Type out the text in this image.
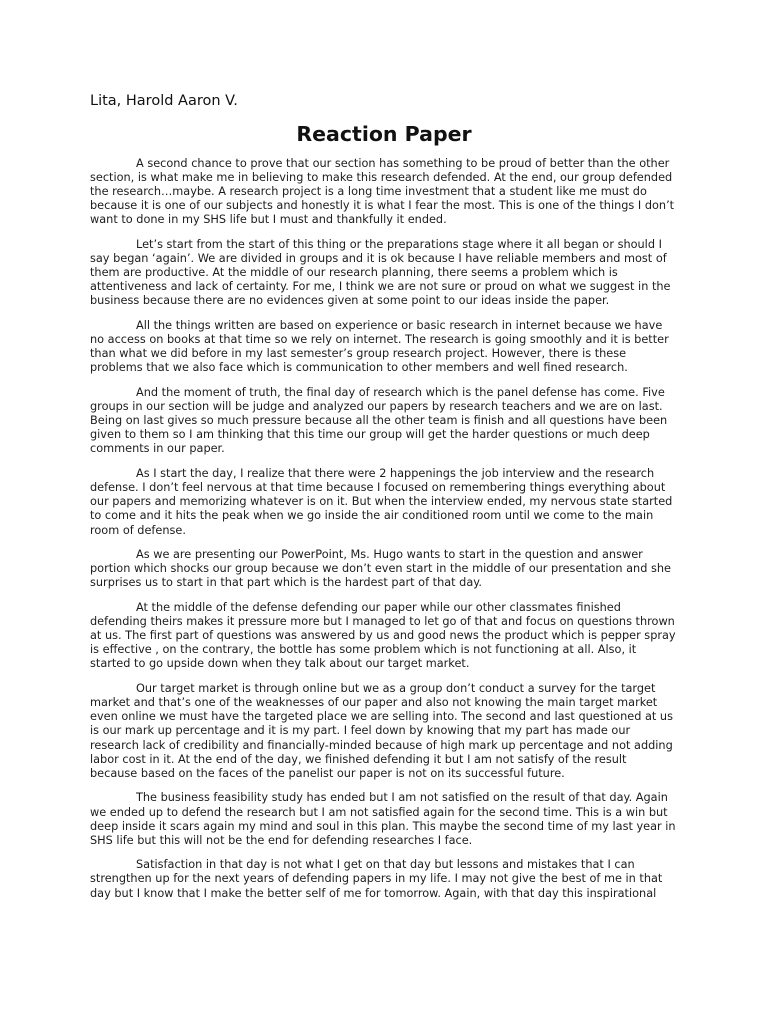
Lita, Harold Aaron V.
Reaction Paper
A second chance to prove that our section has something to be proud of better than the other
section, is what make me in believing to make this research defended. At the end, our group defended
the research…maybe. A research project is a long time investment that a student like me must do
because it is one of our subjects and honestly it is what I fear the most. This is one of the things I don’t
want to done in my SHS life but I must and thankfully it ended.
Let’s start from the start of this thing or the preparations stage where it all began or should I
say began ‘again’. We are divided in groups and it is ok because I have reliable members and most of
them are productive. At the middle of our research planning, there seems a problem which is
attentiveness and lack of certainty. For me, I think we are not sure or proud on what we suggest in the
business because there are no evidences given at some point to our ideas inside the paper.
All the things written are based on experience or basic research in internet because we have
no access on books at that time so we rely on internet. The research is going smoothly and it is better
than what we did before in my last semester’s group research project. However, there is these
problems that we also face which is communication to other members and well fined research.
And the moment of truth, the final day of research which is the panel defense has come. Five
groups in our section will be judge and analyzed our papers by research teachers and we are on last.
Being on last gives so much pressure because all the other team is finish and all questions have been
given to them so I am thinking that this time our group will get the harder questions or much deep
comments in our paper.
As I start the day, I realize that there were 2 happenings the job interview and the research
defense. I don’t feel nervous at that time because I focused on remembering things everything about
our papers and memorizing whatever is on it. But when the interview ended, my nervous state started
to come and it hits the peak when we go inside the air conditioned room until we come to the main
room of defense.
As we are presenting our PowerPoint, Ms. Hugo wants to start in the question and answer
portion which shocks our group because we don’t even start in the middle of our presentation and she
surprises us to start in that part which is the hardest part of that day.
At the middle of the defense defending our paper while our other classmates finished
defending theirs makes it pressure more but I managed to let go of that and focus on questions thrown
at us. The first part of questions was answered by us and good news the product which is pepper spray
is effective , on the contrary, the bottle has some problem which is not functioning at all. Also, it
started to go upside down when they talk about our target market.
Our target market is through online but we as a group don’t conduct a survey for the target
market and that’s one of the weaknesses of our paper and also not knowing the main target market
even online we must have the targeted place we are selling into. The second and last questioned at us
is our mark up percentage and it is my part. I feel down by knowing that my part has made our
research lack of credibility and financially-minded because of high mark up percentage and not adding
labor cost in it. At the end of the day, we finished defending it but I am not satisfy of the result
because based on the faces of the panelist our paper is not on its successful future.
The business feasibility study has ended but I am not satisfied on the result of that day. Again
we ended up to defend the research but I am not satisfied again for the second time. This is a win but
deep inside it scars again my mind and soul in this plan. This maybe the second time of my last year in
SHS life but this will not be the end for defending researches I face.
Satisfaction in that day is not what I get on that day but lessons and mistakes that I can
strengthen up for the next years of defending papers in my life. I may not give the best of me in that
day but I know that I make the better self of me for tomorrow. Again, with that day this inspirational
